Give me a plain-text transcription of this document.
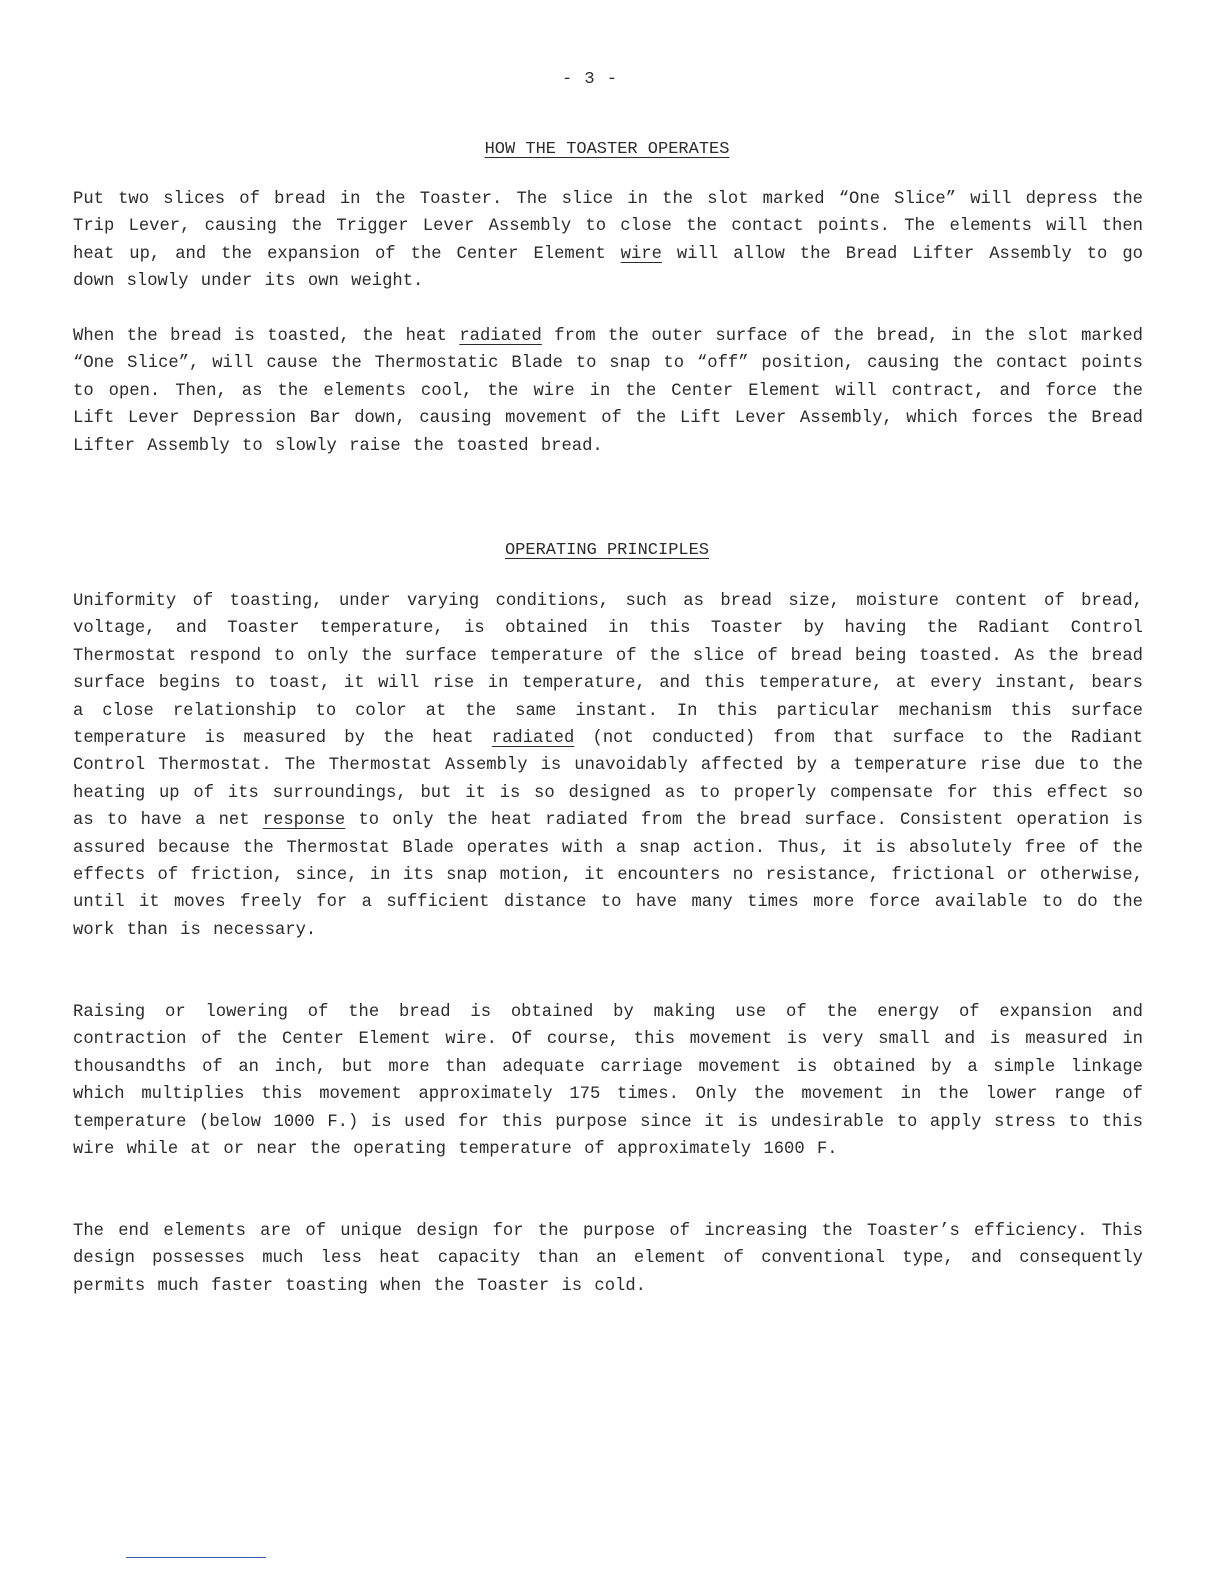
- 3 -
HOW THE TOASTER OPERATES
Put two slices of bread in the Toaster. The slice in the slot marked “One Slice” will depress the Trip Lever, causing the Trigger Lever Assembly to close the contact points. The elements will then heat up, and the expansion of the Center Element wire will allow the Bread Lifter Assembly to go down slowly under its own weight.
When the bread is toasted, the heat radiated from the outer surface of the bread, in the slot marked “One Slice”, will cause the Thermostatic Blade to snap to “off” position, causing the contact points to open. Then, as the elements cool, the wire in the Center Element will contract, and force the Lift Lever Depression Bar down, causing movement of the Lift Lever Assembly, which forces the Bread Lifter Assembly to slowly raise the toasted bread.
OPERATING PRINCIPLES
Uniformity of toasting, under varying conditions, such as bread size, moisture content of bread, voltage, and Toaster temperature, is obtained in this Toaster by having the Radiant Control Thermostat respond to only the surface temperature of the slice of bread being toasted. As the bread surface begins to toast, it will rise in temperature, and this temperature, at every instant, bears a close relationship to color at the same instant. In this particular mechanism this surface temperature is measured by the heat radiated (not conducted) from that surface to the Radiant Control Thermostat. The Thermostat Assembly is unavoidably affected by a temperature rise due to the heating up of its surroundings, but it is so designed as to properly compensate for this effect so as to have a net response to only the heat radiated from the bread surface. Consistent operation is assured because the Thermostat Blade operates with a snap action. Thus, it is absolutely free of the effects of friction, since, in its snap motion, it encounters no resistance, frictional or otherwise, until it moves freely for a sufficient distance to have many times more force available to do the work than is necessary.
Raising or lowering of the bread is obtained by making use of the energy of expansion and contraction of the Center Element wire. Of course, this movement is very small and is measured in thousandths of an inch, but more than adequate carriage movement is obtained by a simple linkage which multiplies this movement approximately 175 times. Only the movement in the lower range of temperature (below 1000 F.) is used for this purpose since it is undesirable to apply stress to this wire while at or near the operating temperature of approximately 1600 F.
The end elements are of unique design for the purpose of increasing the Toaster’s efficiency. This design possesses much less heat capacity than an element of conventional type, and consequently permits much faster toasting when the Toaster is cold.
